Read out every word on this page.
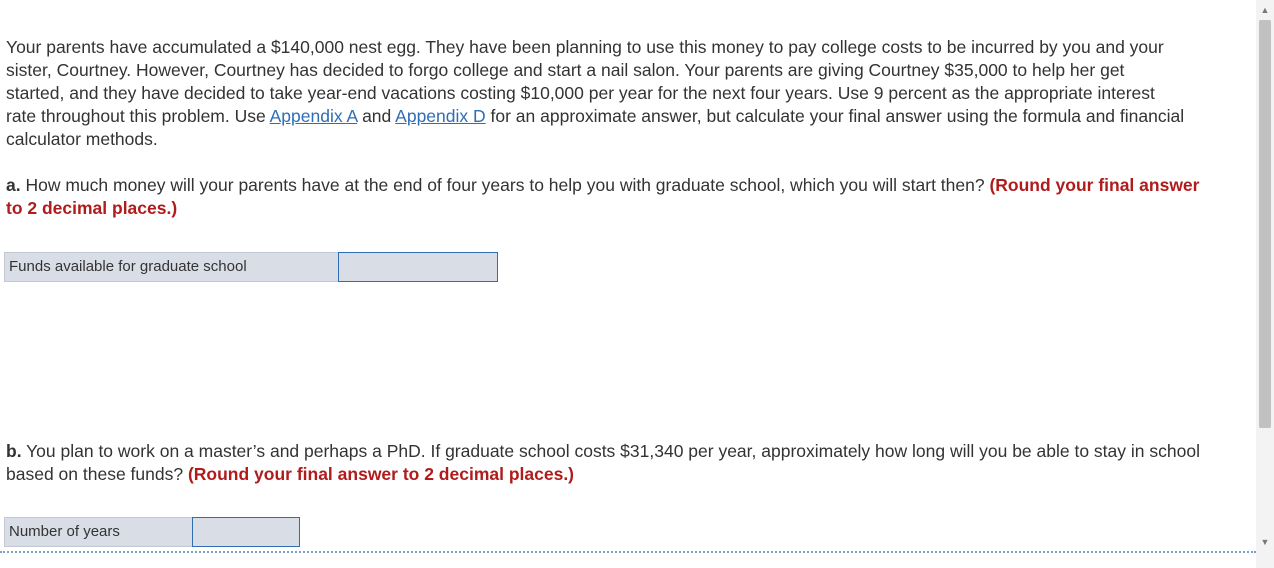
Your parents have accumulated a $140,000 nest egg. They have been planning to use this money to pay college costs to be incurred by you and your sister, Courtney. However, Courtney has decided to forgo college and start a nail salon. Your parents are giving Courtney $35,000 to help her get started, and they have decided to take year-end vacations costing $10,000 per year for the next four years. Use 9 percent as the appropriate interest rate throughout this problem. Use Appendix A and Appendix D for an approximate answer, but calculate your final answer using the formula and financial calculator methods.

a. How much money will your parents have at the end of four years to help you with graduate school, which you will start then? (Round your final answer to 2 decimal places.)

b. You plan to work on a master’s and perhaps a PhD. If graduate school costs $31,340 per year, approximately how long will you be able to stay in school based on these funds? (Round your final answer to 2 decimal places.)

Funds available for graduate school
Number of years
▲
▼
